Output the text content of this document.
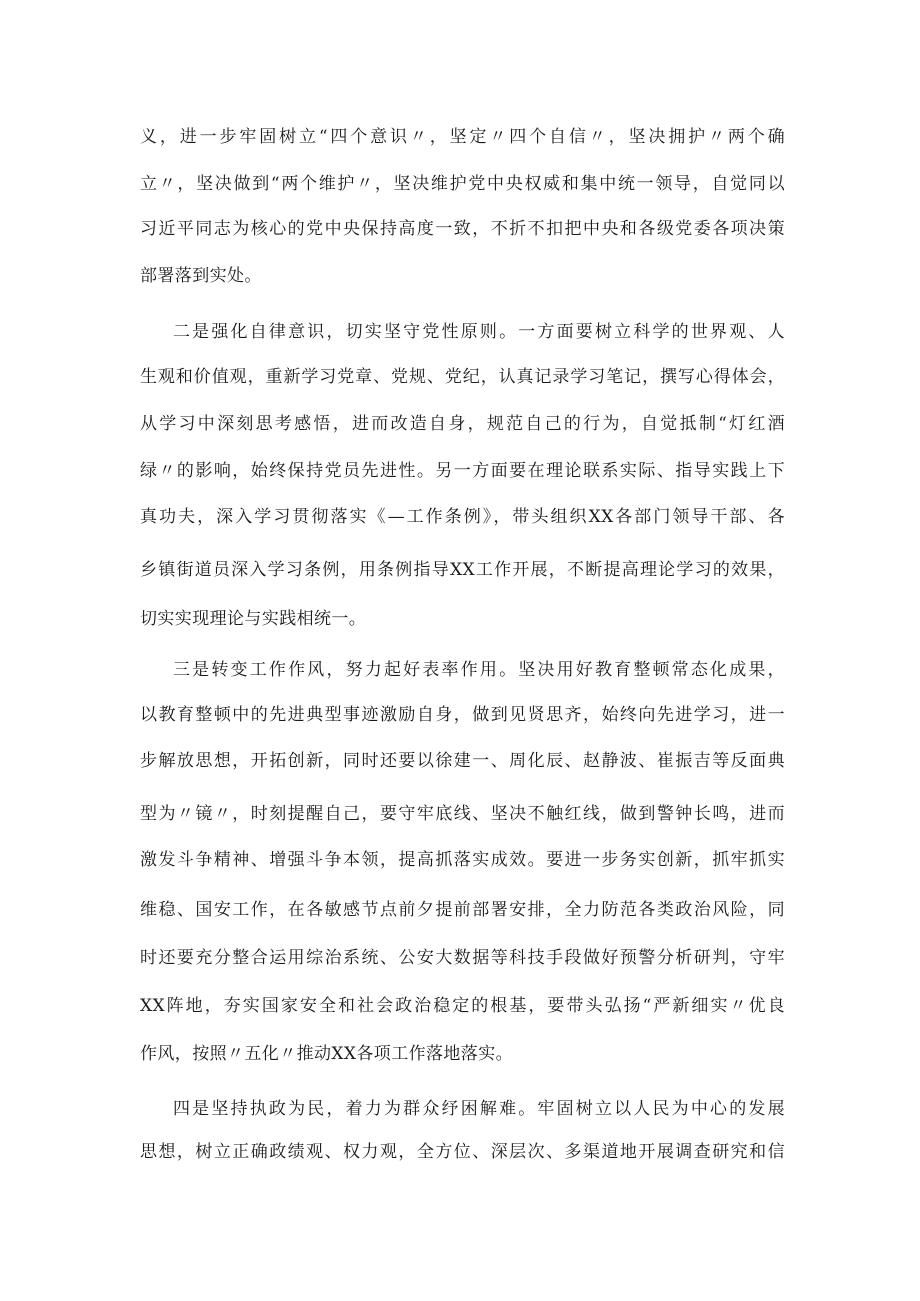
义，进一步牢固树立“四个意识〃，坚定〃四个自信〃，坚决拥护〃两个确
立〃，坚决做到“两个维护〃，坚决维护党中央权威和集中统一领导，自觉同以
习近平同志为核心的党中央保持高度一致，不折不扣把中央和各级党委各项决策
部署落到实处。
二是强化自律意识，切实坚守党性原则。一方面要树立科学的世界观、人
生观和价值观，重新学习党章、党规、党纪，认真记录学习笔记，撰写心得体会，
从学习中深刻思考感悟，进而改造自身，规范自己的行为，自觉抵制“灯红酒
绿〃的影响，始终保持党员先进性。另一方面要在理论联系实际、指导实践上下
真功夫，深入学习贯彻落实《—工作条例》，带头组织XX各部门领导干部、各
乡镇街道员深入学习条例，用条例指导XX工作开展，不断提高理论学习的效果，
切实实现理论与实践相统一。
三是转变工作作风，努力起好表率作用。坚决用好教育整顿常态化成果，
以教育整顿中的先进典型事迹激励自身，做到见贤思齐，始终向先进学习，进一
步解放思想，开拓创新，同时还要以徐建一、周化辰、赵静波、崔振吉等反面典
型为〃镜〃，时刻提醒自己，要守牢底线、坚决不触红线，做到警钟长鸣，进而
激发斗争精神、增强斗争本领，提高抓落实成效。要进一步务实创新，抓牢抓实
维稳、国安工作，在各敏感节点前夕提前部署安排，全力防范各类政治风险，同
时还要充分整合运用综治系统、公安大数据等科技手段做好预警分析研判，守牢
XX阵地，夯实国家安全和社会政治稳定的根基，要带头弘扬“严新细实〃优良
作风，按照〃五化〃推动XX各项工作落地落实。
四是坚持执政为民，着力为群众纾困解难。牢固树立以人民为中心的发展
思想，树立正确政绩观、权力观，全方位、深层次、多渠道地开展调查研究和信
